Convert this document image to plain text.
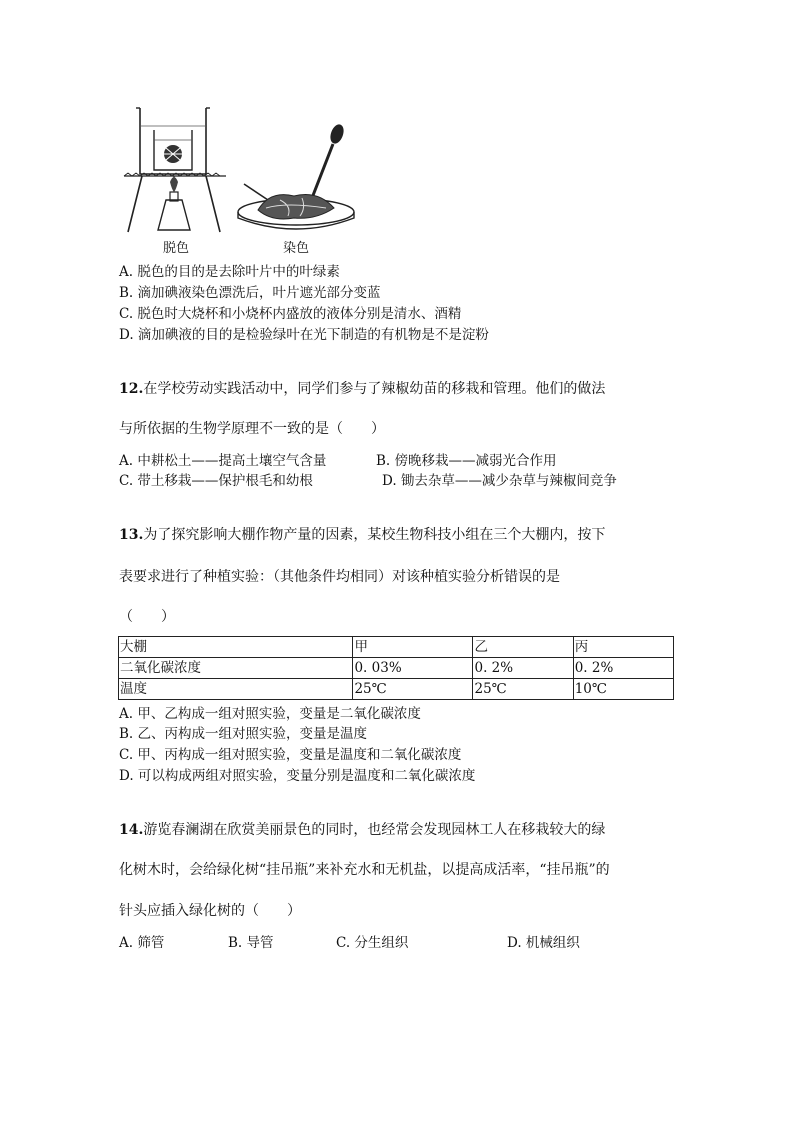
脱色	染色
A. 脱色的目的是去除叶片中的叶绿素
B. 滴加碘液染色漂洗后，叶片遮光部分变蓝
C. 脱色时大烧杯和小烧杯内盛放的液体分别是清水、酒精
D. 滴加碘液的目的是检验绿叶在光下制造的有机物是不是淀粉
12.在学校劳动实践活动中，同学们参与了辣椒幼苗的移栽和管理。他们的做法
与所依据的生物学原理不一致的是（　　）
A. 中耕松土——提高土壤空气含量	B. 傍晚移栽——减弱光合作用
C. 带土移栽——保护根毛和幼根	D. 锄去杂草——减少杂草与辣椒间竞争
13.为了探究影响大棚作物产量的因素，某校生物科技小组在三个大棚内，按下
表要求进行了种植实验：（其他条件均相同）对该种植实验分析错误的是
（　　）
大棚	甲	乙	丙
二氧化碳浓度	0. 03%	0. 2%	0. 2%
温度	25℃	25℃	10℃
A. 甲、乙构成一组对照实验，变量是二氧化碳浓度
B. 乙、丙构成一组对照实验，变量是温度
C. 甲、丙构成一组对照实验，变量是温度和二氧化碳浓度
D. 可以构成两组对照实验，变量分别是温度和二氧化碳浓度
14.游览春澜湖在欣赏美丽景色的同时，也经常会发现园林工人在移栽较大的绿
化树木时，会给绿化树“挂吊瓶”来补充水和无机盐，以提高成活率，“挂吊瓶”的
针头应插入绿化树的（　　）
A. 筛管	B. 导管	C. 分生组织	D. 机械组织
